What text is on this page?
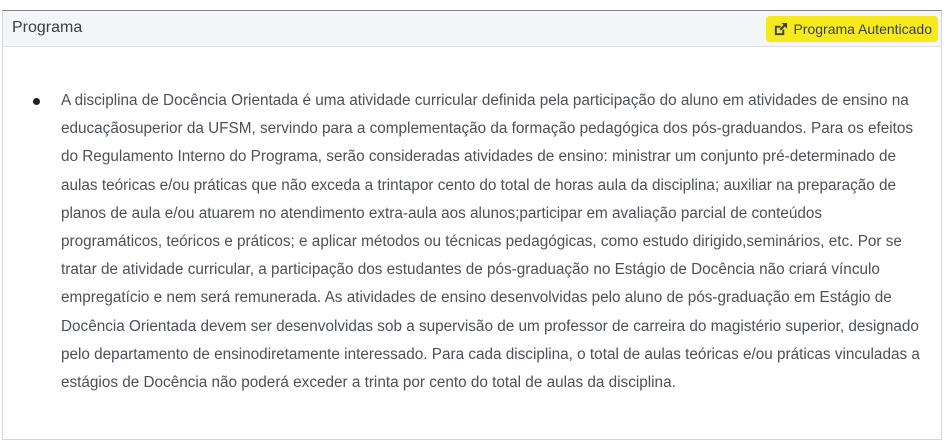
Programa	Programa Autenticado
A disciplina de Docência Orientada é uma atividade curricular definida pela participação do aluno em atividades de ensino na educaçãosuperior da UFSM, servindo para a complementação da formação pedagógica dos pós-graduandos. Para os efeitos do Regulamento Interno do Programa, serão consideradas atividades de ensino: ministrar um conjunto pré-determinado de aulas teóricas e/ou práticas que não exceda a trintapor cento do total de horas aula da disciplina; auxiliar na preparação de planos de aula e/ou atuarem no atendimento extra-aula aos alunos;participar em avaliação parcial de conteúdos programáticos, teóricos e práticos; e aplicar métodos ou técnicas pedagógicas, como estudo dirigido,seminários, etc. Por se tratar de atividade curricular, a participação dos estudantes de pós-graduação no Estágio de Docência não criará vínculo empregatício e nem será remunerada. As atividades de ensino desenvolvidas pelo aluno de pós-graduação em Estágio de Docência Orientada devem ser desenvolvidas sob a supervisão de um professor de carreira do magistério superior, designado pelo departamento de ensinodiretamente interessado. Para cada disciplina, o total de aulas teóricas e/ou práticas vinculadas a estágios de Docência não poderá exceder a trinta por cento do total de aulas da disciplina.
